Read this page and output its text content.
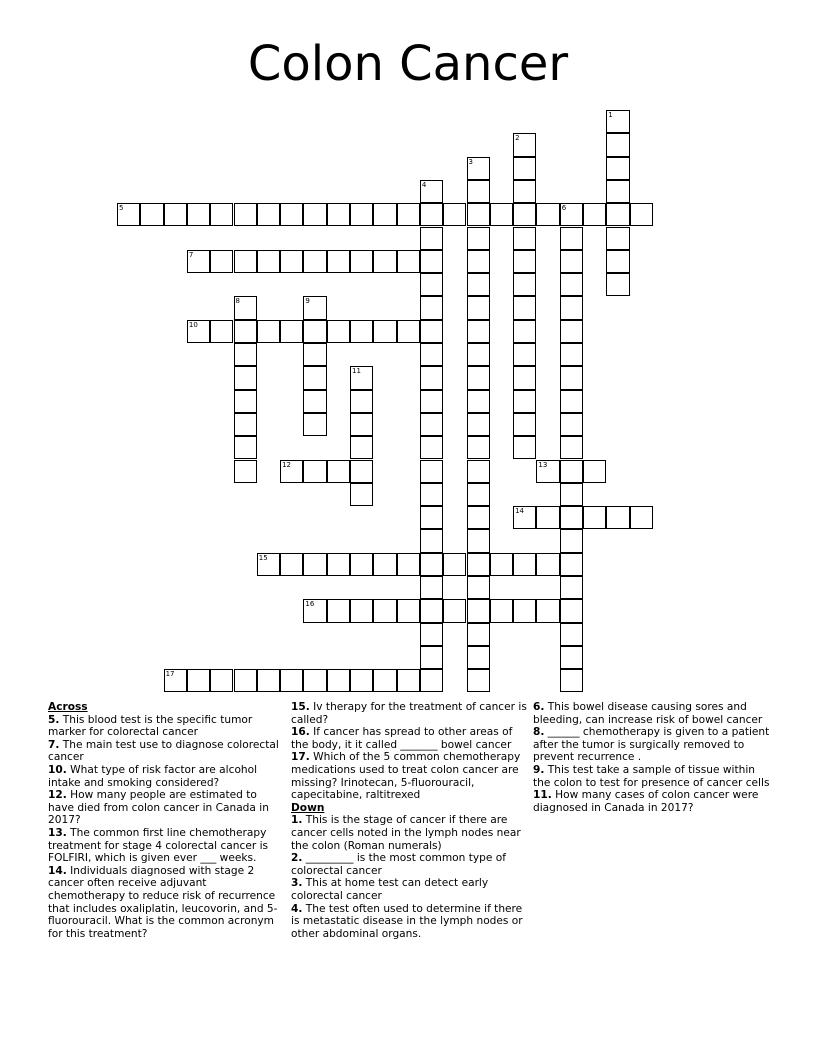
Colon Cancer
1
2
3
4
5	6
7
8	9
10
11
12	13
14
15
16
17
Across
5. This blood test is the specific tumor marker for colorectal cancer
7. The main test use to diagnose colorectal cancer
10. What type of risk factor are alcohol intake and smoking considered?
12. How many people are estimated to have died from colon cancer in Canada in 2017?
13. The common first line chemotherapy treatment for stage 4 colorectal cancer is FOLFIRI, which is given ever ___ weeks.
14. Individuals diagnosed with stage 2 cancer often receive adjuvant chemotherapy to reduce risk of recurrence that includes oxaliplatin, leucovorin, and 5-fluorouracil. What is the common acronym for this treatment?
15. Iv therapy for the treatment of cancer is called?
16. If cancer has spread to other areas of the body, it it called _______ bowel cancer
17. Which of the 5 common chemotherapy medications used to treat colon cancer are missing? Irinotecan, 5-fluorouracil, capecitabine, raltitrexed
Down
1. This is the stage of cancer if there are cancer cells noted in the lymph nodes near the colon (Roman numerals)
2. _________ is the most common type of colorectal cancer
3. This at home test can detect early colorectal cancer
4. The test often used to determine if there is metastatic disease in the lymph nodes or other abdominal organs.
6. This bowel disease causing sores and bleeding, can increase risk of bowel cancer
8. ______ chemotherapy is given to a patient after the tumor is surgically removed to prevent recurrence .
9. This test take a sample of tissue within the colon to test for presence of cancer cells
11. How many cases of colon cancer were diagnosed in Canada in 2017?
